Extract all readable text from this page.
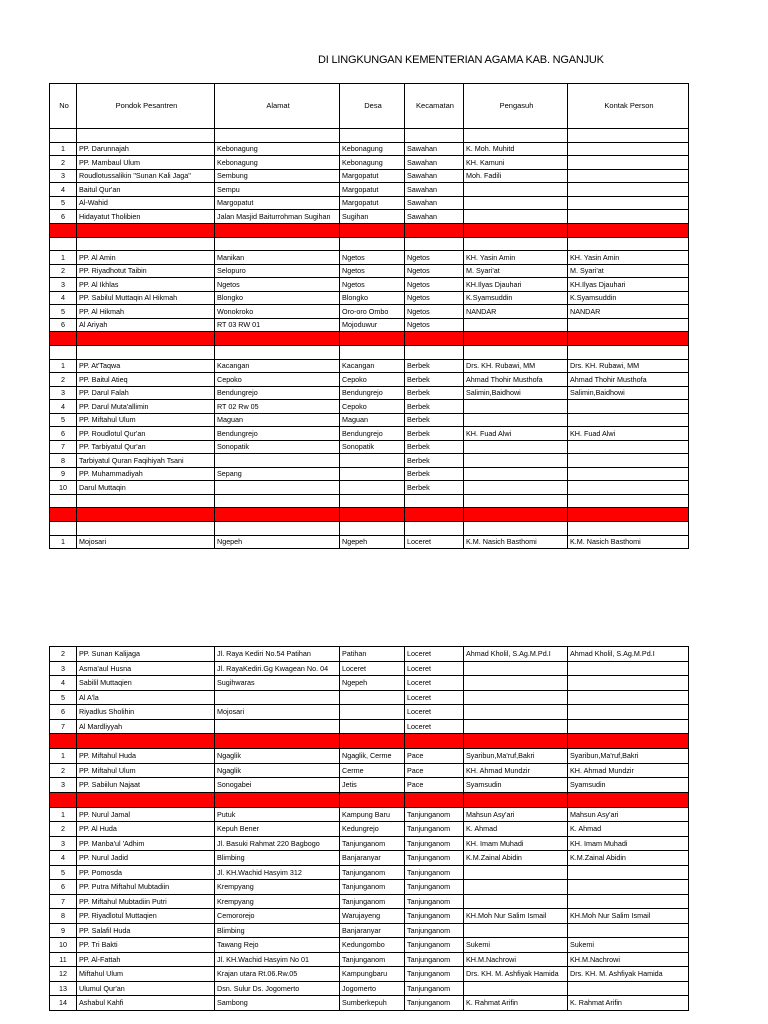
DI LINGKUNGAN KEMENTERIAN AGAMA KAB. NGANJUK
No	Pondok Pesantren	Alamat	Desa	Kecamatan	Pengasuh	Kontak Person

1	PP. Darunnajah	Kebonagung	Kebonagung	Sawahan	K. Moh. Muhitd	
2	PP. Mambaul Ulum	Kebonagung	Kebonagung	Sawahan	KH. Kamuni	
3	Roudlotussalikin "Sunan Kali Jaga"	Sembung	Margopatut	Sawahan	Moh. Fadili	
4	Baitul Qur'an	Sempu	Margopatut	Sawahan		
5	Al-Wahid	Margopatut	Margopatut	Sawahan		
6	Hidayatut Tholibien	Jalan Masjid Baiturrohman Sugihan	Sugihan	Sawahan		

1	PP. Al Amin	Manikan	Ngetos	Ngetos	KH. Yasin Amin	KH. Yasin Amin
2	PP. Riyadhotut Taibin	Selopuro	Ngetos	Ngetos	M. Syari'at	M. Syari'at
3	PP. Al Ikhlas	Ngetos	Ngetos	Ngetos	KH.Ilyas Djauhari	KH.Ilyas Djauhari
4	PP. Sabilul Muttaqin Al Hikmah	Blongko	Blongko	Ngetos	K.Syamsuddin	K.Syamsuddin
5	PP. Al Hikmah	Wonokroko	Oro-oro Ombo	Ngetos	NANDAR	NANDAR
6	Al Ariyah	RT 03 RW 01	Mojoduwur	Ngetos		

1	PP. At'Taqwa	Kacangan	Kacangan	Berbek	Drs. KH. Rubawi, MM	Drs. KH. Rubawi, MM
2	PP. Baitul Atieq	Cepoko	Cepoko	Berbek	Ahmad Thohir Musthofa	Ahmad Thohir Musthofa
3	PP. Darul Falah	Bendungrejo	Bendungrejo	Berbek	Salimin,Baidhowi	Salimin,Baidhowi
4	PP. Darul Muta'allimin	RT 02 Rw 05	Cepoko	Berbek		
5	PP. Miftahul Ulum	Maguan	Maguan	Berbek		
6	PP. Roudlotul Qur'an	Bendungrejo	Bendungrejo	Berbek	KH. Fuad Alwi	KH. Fuad Alwi
7	PP. Tarbiyatul Qur'an	Sonopatik	Sonopatik	Berbek		
8	Tarbiyatul Quran Faqihiyah Tsani			Berbek		
9	PP. Muhammadiyah	Sepang		Berbek		
10	Darul Muttaqin			Berbek		

1	Mojosari	Ngepeh	Ngepeh	Loceret	K.M. Nasich Basthomi	K.M. Nasich Basthomi
2	PP. Sunan Kalijaga	Jl. Raya Kediri No.54 Patihan	Patihan	Loceret	Ahmad Kholil, S.Ag.M.Pd.I	Ahmad Kholil, S.Ag.M.Pd.I
3	Asma'aul Husna	Jl. RayaKediri.Gg Kwagean No. 04	Loceret	Loceret		
4	Sabilil Muttaqien	Sugihwaras	Ngepeh	Loceret		
5	Al A'la			Loceret		
6	Riyadlus Sholihin	Mojosari		Loceret		
7	Al Mardliyyah			Loceret		

1	PP. Miftahul Huda	Ngaglik	Ngaglik, Cerme	Pace	Syaribun,Ma'ruf,Bakri	Syaribun,Ma'ruf,Bakri
2	PP. Miftahul Ulum	Ngaglik	Cerme	Pace	KH. Ahmad Mundzir	KH. Ahmad Mundzir
3	PP. Sabiilun Najaat	Sonogabei	Jetis	Pace	Syamsudin	Syamsudin

1	PP. Nurul Jamal	Putuk	Kampung Baru	Tanjunganom	Mahsun Asy'ari	Mahsun Asy'ari
2	PP. Al Huda	Kepuh Bener	Kedungrejo	Tanjunganom	K. Ahmad	K. Ahmad
3	PP. Manba'ul 'Adhim	Jl. Basuki Rahmat 220 Bagbogo	Tanjunganom	Tanjunganom	KH. Imam Muhadi	KH. Imam Muhadi
4	PP. Nurul Jadid	Blimbing	Banjaranyar	Tanjunganom	K.M.Zainal Abidin	K.M.Zainal Abidin
5	PP. Pomosda	Jl. KH.Wachid Hasyim 312	Tanjunganom	Tanjunganom		
6	PP. Putra Miftahul Mubtadiin	Krempyang	Tanjunganom	Tanjunganom		
7	PP. Miftahul Mubtadiin Putri	Krempyang	Tanjunganom	Tanjunganom		
8	PP. Riyadlotul Muttaqien	Cemororejo	Warujayeng	Tanjunganom	KH.Moh Nur Salim Ismail	KH.Moh Nur Salim Ismail
9	PP. Salafil Huda	Blimbing	Banjaranyar	Tanjunganom		
10	PP. Tri Bakti	Tawang Rejo	Kedungombo	Tanjunganom	Sukemi	Sukemi
11	PP. Al-Fattah	Jl. KH.Wachid Hasyim No 01	Tanjunganom	Tanjunganom	KH.M.Nachrowi	KH.M.Nachrowi
12	Miftahul Ulum	Krajan utara Rt.06.Rw.05	Kampungbaru	Tanjunganom	Drs. KH. M. Ashfiyak Hamida	Drs. KH. M. Ashfiyak Hamida
13	Ulumul Qur'an	Dsn. Sulur Ds. Jogomerto	Jogomerto	Tanjunganom		
14	Ashabul Kahfi	Sambong	Sumberkepuh	Tanjunganom	K. Rahmat Arifin	K. Rahmat Arifin
